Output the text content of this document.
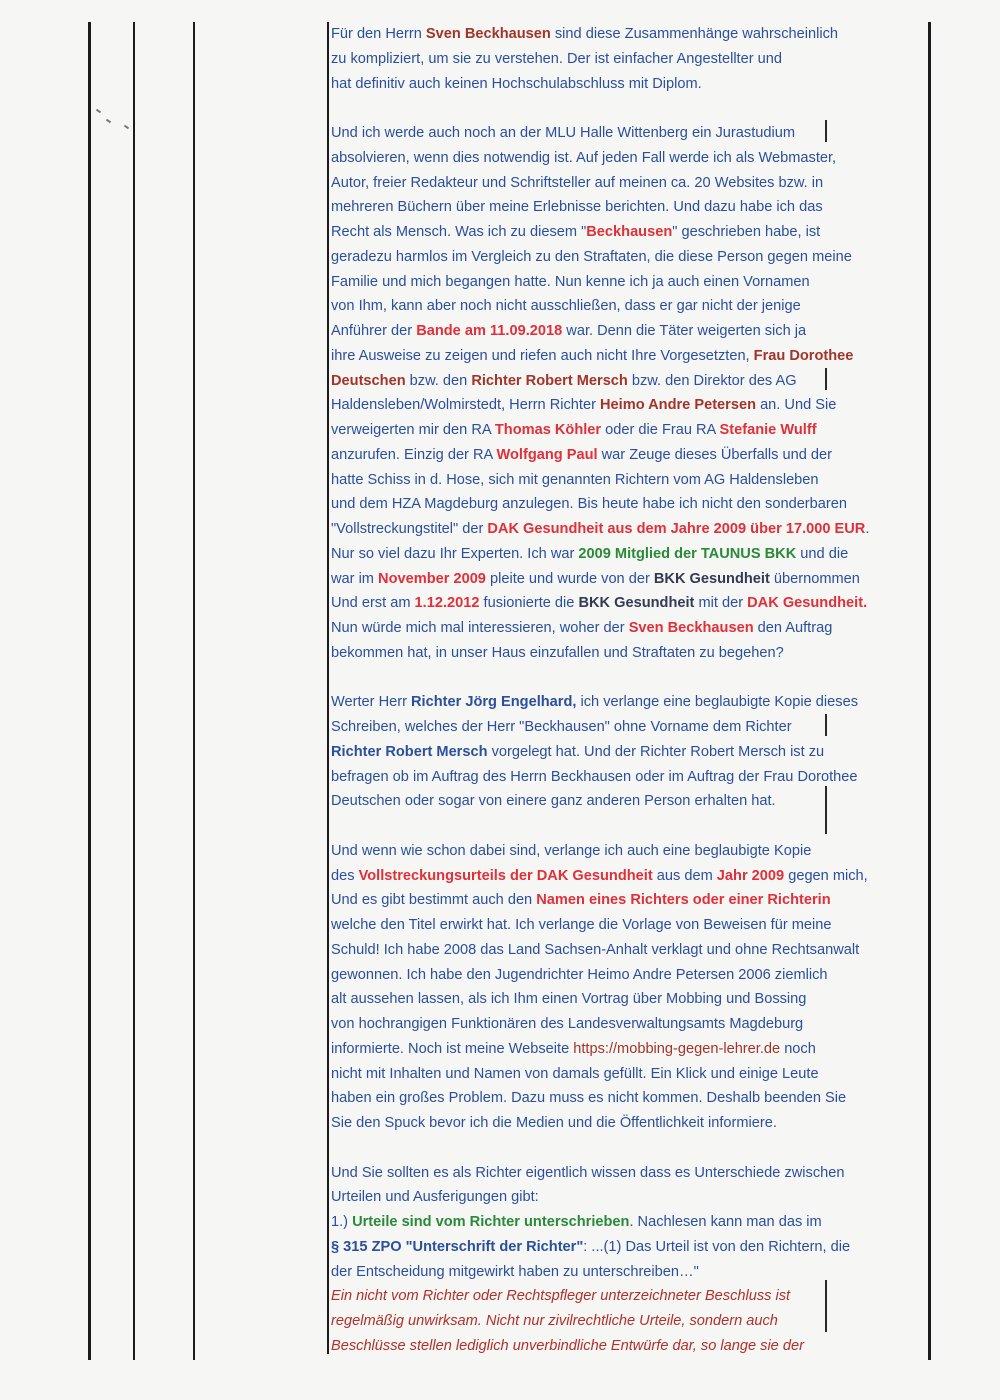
Für den Herrn Sven Beckhausen sind diese Zusammenhänge wahrscheinlich
zu kompliziert, um sie zu verstehen. Der ist einfacher Angestellter und
hat definitiv auch keinen Hochschulabschluss mit Diplom.
Und ich werde auch noch an der MLU Halle Wittenberg ein Jurastudium
absolvieren, wenn dies notwendig ist. Auf jeden Fall werde ich als Webmaster,
Autor, freier Redakteur und Schriftsteller auf meinen ca. 20 Websites bzw. in
mehreren Büchern über meine Erlebnisse berichten. Und dazu habe ich das
Recht als Mensch. Was ich zu diesem "Beckhausen" geschrieben habe, ist
geradezu harmlos im Vergleich zu den Straftaten, die diese Person gegen meine
Familie und mich begangen hatte. Nun kenne ich ja auch einen Vornamen
von Ihm, kann aber noch nicht ausschließen, dass er gar nicht der jenige
Anführer der Bande am 11.09.2018 war. Denn die Täter weigerten sich ja
ihre Ausweise zu zeigen und riefen auch nicht Ihre Vorgesetzten, Frau Dorothee
Deutschen bzw. den Richter Robert Mersch bzw. den Direktor des AG
Haldensleben/Wolmirstedt, Herrn Richter Heimo Andre Petersen an. Und Sie
verweigerten mir den RA Thomas Köhler oder die Frau RA Stefanie Wulff
anzurufen. Einzig der RA Wolfgang Paul war Zeuge dieses Überfalls und der
hatte Schiss in d. Hose, sich mit genannten Richtern vom AG Haldensleben
und dem HZA Magdeburg anzulegen. Bis heute habe ich nicht den sonderbaren
"Vollstreckungstitel" der DAK Gesundheit aus dem Jahre 2009 über 17.000 EUR.
Nur so viel dazu Ihr Experten. Ich war 2009 Mitglied der TAUNUS BKK und die
war im November 2009 pleite und wurde von der BKK Gesundheit übernommen
Und erst am 1.12.2012 fusionierte die BKK Gesundheit mit der DAK Gesundheit.
Nun würde mich mal interessieren, woher der Sven Beckhausen den Auftrag
bekommen hat, in unser Haus einzufallen und Straftaten zu begehen?
Werter Herr Richter Jörg Engelhard, ich verlange eine beglaubigte Kopie dieses
Schreiben, welches der Herr "Beckhausen" ohne Vorname dem Richter
Richter Robert Mersch vorgelegt hat. Und der Richter Robert Mersch ist zu
befragen ob im Auftrag des Herrn Beckhausen oder im Auftrag der Frau Dorothee
Deutschen oder sogar von einere ganz anderen Person erhalten hat.
Und wenn wie schon dabei sind, verlange ich auch eine beglaubigte Kopie
des Vollstreckungsurteils der DAK Gesundheit aus dem Jahr 2009 gegen mich,
Und es gibt bestimmt auch den Namen eines Richters oder einer Richterin
welche den Titel erwirkt hat. Ich verlange die Vorlage von Beweisen für meine
Schuld! Ich habe 2008 das Land Sachsen-Anhalt verklagt und ohne Rechtsanwalt
gewonnen. Ich habe den Jugendrichter Heimo Andre Petersen 2006 ziemlich
alt aussehen lassen, als ich Ihm einen Vortrag über Mobbing und Bossing
von hochrangigen Funktionären des Landesverwaltungsamts Magdeburg
informierte. Noch ist meine Webseite https://mobbing-gegen-lehrer.de noch
nicht mit Inhalten und Namen von damals gefüllt. Ein Klick und einige Leute
haben ein großes Problem. Dazu muss es nicht kommen. Deshalb beenden Sie
Sie den Spuck bevor ich die Medien und die Öffentlichkeit informiere.
Und Sie sollten es als Richter eigentlich wissen dass es Unterschiede zwischen
Urteilen und Ausferigungen gibt:
1.) Urteile sind vom Richter unterschrieben. Nachlesen kann man das im
§ 315 ZPO "Unterschrift der Richter": ...(1) Das Urteil ist von den Richtern, die
der Entscheidung mitgewirkt haben zu unterschreiben…"
Ein nicht vom Richter oder Rechtspfleger unterzeichneter Beschluss ist
regelmäßig unwirksam. Nicht nur zivilrechtliche Urteile, sondern auch
Beschlüsse stellen lediglich unverbindliche Entwürfe dar, so lange sie der
